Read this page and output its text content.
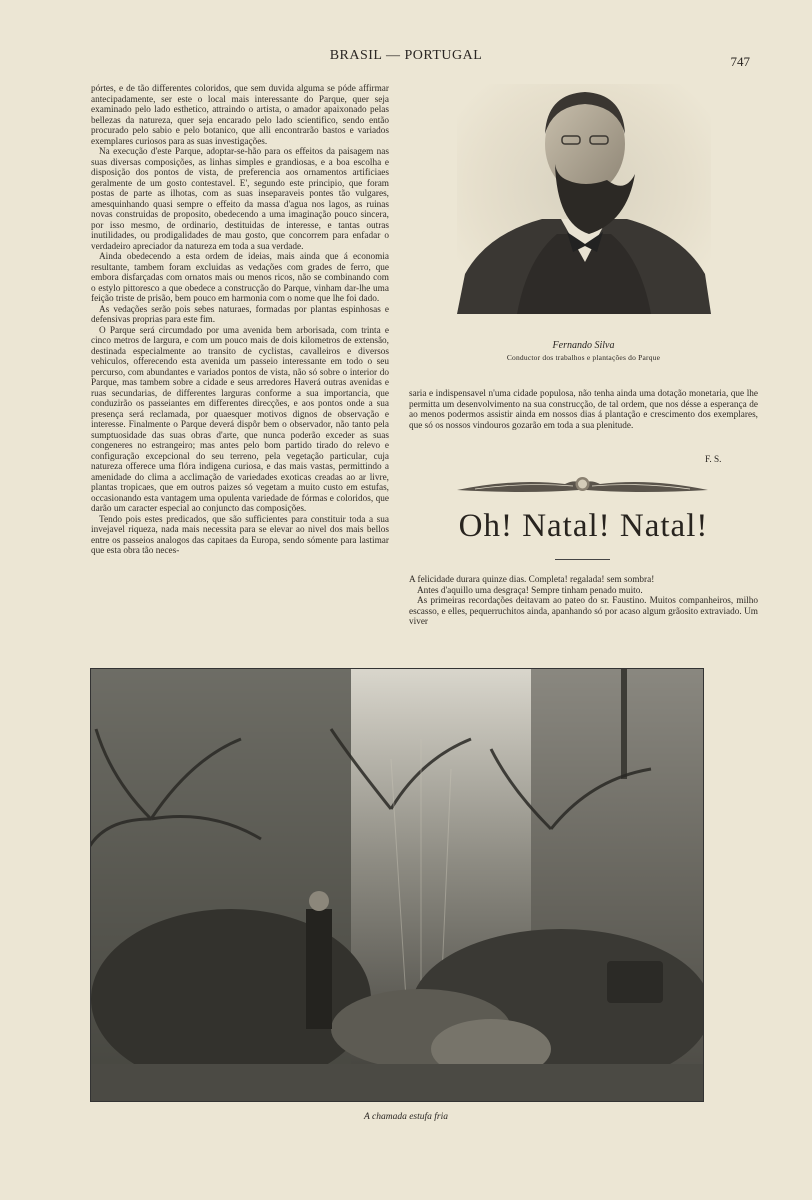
BRASIL — PORTUGAL	747

pórtes, e de tão differentes coloridos, que sem duvida alguma se póde affirmar antecipadamente, ser este o local mais interessante do Parque, quer seja examinado pelo lado esthetico, attraindo o artista, o amador apaixonado pelas bellezas da natureza, quer seja encarado pelo lado scientifico, sendo então procurado pelo sabio e pelo botanico, que alli encontrarão bastos e variados exemplares curiosos para as suas investigações.

Na execução d'este Parque, adoptar-se-hão para os effeitos da paisagem nas suas diversas composições, as linhas simples e grandiosas, e a boa escolha e disposição dos pontos de vista, de preferencia aos ornamentos artificiaes geralmente de um gosto contestavel. E', segundo este principio, que foram postas de parte as ilhotas, com as suas inseparaveis pontes tão vulgares, amesquinhando quasi sempre o effeito da massa d'agua nos lagos, as ruinas novas construidas de proposito, obedecendo a uma imaginação pouco sincera, por isso mesmo, de ordinario, destituidas de interesse, e tantas outras inutilidades, ou prodigalidades de mau gosto, que concorrem para enfadar o verdadeiro apreciador da natureza em toda a sua verdade.

Ainda obedecendo a esta ordem de ideias, mais ainda que á economia resultante, tambem foram excluidas as vedações com grades de ferro, que embora disfarçadas com ornatos mais ou menos ricos, não se combinando com o estylo pittoresco a que obedece a construcção do Parque, vinham dar-lhe uma feição triste de prisão, bem pouco em harmonia com o nome que lhe foi dado.

As vedações serão pois sebes naturaes, formadas por plantas espinhosas e defensivas proprias para este fim.

O Parque será circumdado por uma avenida bem arborisada, com trinta e cinco metros de largura, e com um pouco mais de dois kilometros de extensão, destinada especialmente ao transito de cyclistas, cavalleiros e diversos vehiculos, offerecendo esta avenida um passeio interessante em todo o seu percurso, com abundantes e variados pontos de vista, não só sobre o interior do Parque, mas tambem sobre a cidade e seus arredores Haverá outras avenidas e ruas secundarias, de differentes larguras conforme a sua importancia, que conduzirão os passeiantes em differentes direcções, e aos pontos onde a sua presença será reclamada, por quaesquer motivos dignos de observação e interesse. Finalmente o Parque deverá dispôr bem o observador, não tanto pela sumptuosidade das suas obras d'arte, que nunca poderão exceder as suas congeneres no estrangeiro; mas antes pelo bom partido tirado do relevo e configuração excepcional do seu terreno, pela vegetação particular, cuja natureza offerece uma flóra indigena curiosa, e das mais vastas, permittindo a amenidade do clima a acclimação de variedades exoticas creadas ao ar livre, plantas tropicaes, que em outros paizes só vegetam a muito custo em estufas, occasionando esta vantagem uma opulenta variedade de fórmas e coloridos, que darão um caracter especial ao conjuncto das composições.

Tendo pois estes predicados, que são sufficientes para constituir toda a sua invejavel riqueza, nada mais necessita para se elevar ao nivel dos mais bellos entre os passeios analogos das capitaes da Europa, sendo sómente para lastimar que esta obra tão neces-

Fernando Silva
Conductor dos trabalhos e plantações do Parque

saria e indispensavel n'uma cidade populosa, não tenha ainda uma dotação monetaria, que lhe permitta um desenvolvimento na sua construcção, de tal ordem, que nos désse a esperança de ao menos podermos assistir ainda em nossos dias á plantação e crescimento dos exemplares, que só os nossos vindouros gozarão em toda a sua plenitude.

F. S.
Oh! Natal! Natal!

A felicidade durara quinze dias. Completa! regalada! sem sombra!

Antes d'aquillo uma desgraça! Sempre tinham penado muito.

As primeiras recordações deitavam ao pateo do sr. Faustino. Muitos companheiros, milho escasso, e elles, pequerruchitos ainda, apanhando só por acaso algum grãosito extraviado. Um viver

A chamada estufa fria
